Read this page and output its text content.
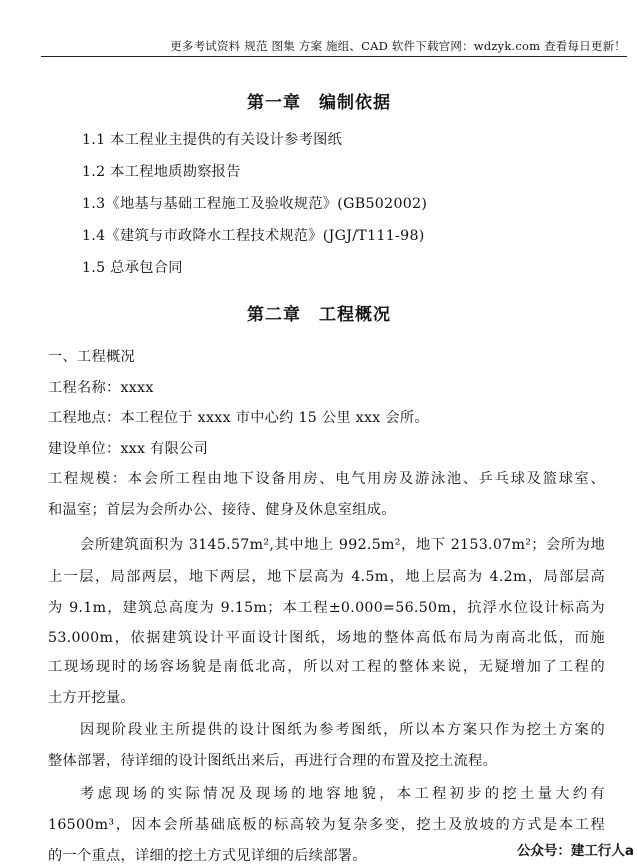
更多考试资料 规范 图集 方案 施组、CAD 软件下载官网：wdzyk.com 查看每日更新！
第一章 编制依据
1.1 本工程业主提供的有关设计参考图纸
1.2 本工程地质勘察报告
1.3《地基与基础工程施工及验收规范》(GB502002)
1.4《建筑与市政降水工程技术规范》(JGJ/T111-98)
1.5 总承包合同
第二章 工程概况
一、工程概况
工程名称：xxxx
工程地点：本工程位于 xxxx 市中心约 15 公里 xxx 会所。
建设单位：xxx 有限公司
工程规模：本会所工程由地下设备用房、电气用房及游泳池、乒乓球及篮球室、
和温室；首层为会所办公、接待、健身及休息室组成。
会所建筑面积为 3145.57m²,其中地上 992.5m²，地下 2153.07m²；会所为地
上一层，局部两层，地下两层，地下层高为 4.5m，地上层高为 4.2m，局部层高
为 9.1m，建筑总高度为 9.15m；本工程±0.000=56.50m，抗浮水位设计标高为
53.000m，依据建筑设计平面设计图纸，场地的整体高低布局为南高北低，而施
工现场现时的场容场貌是南低北高，所以对工程的整体来说，无疑增加了工程的
土方开挖量。
因现阶段业主所提供的设计图纸为参考图纸，所以本方案只作为挖土方案的
整体部署，待详细的设计图纸出来后，再进行合理的布置及挖土流程。
考虑现场的实际情况及现场的地容地貌，本工程初步的挖土量大约有
16500m³，因本会所基础底板的标高较为复杂多变，挖土及放坡的方式是本工程
的一个重点，详细的挖土方式见详细的后续部署。	公众号：建工行人a
